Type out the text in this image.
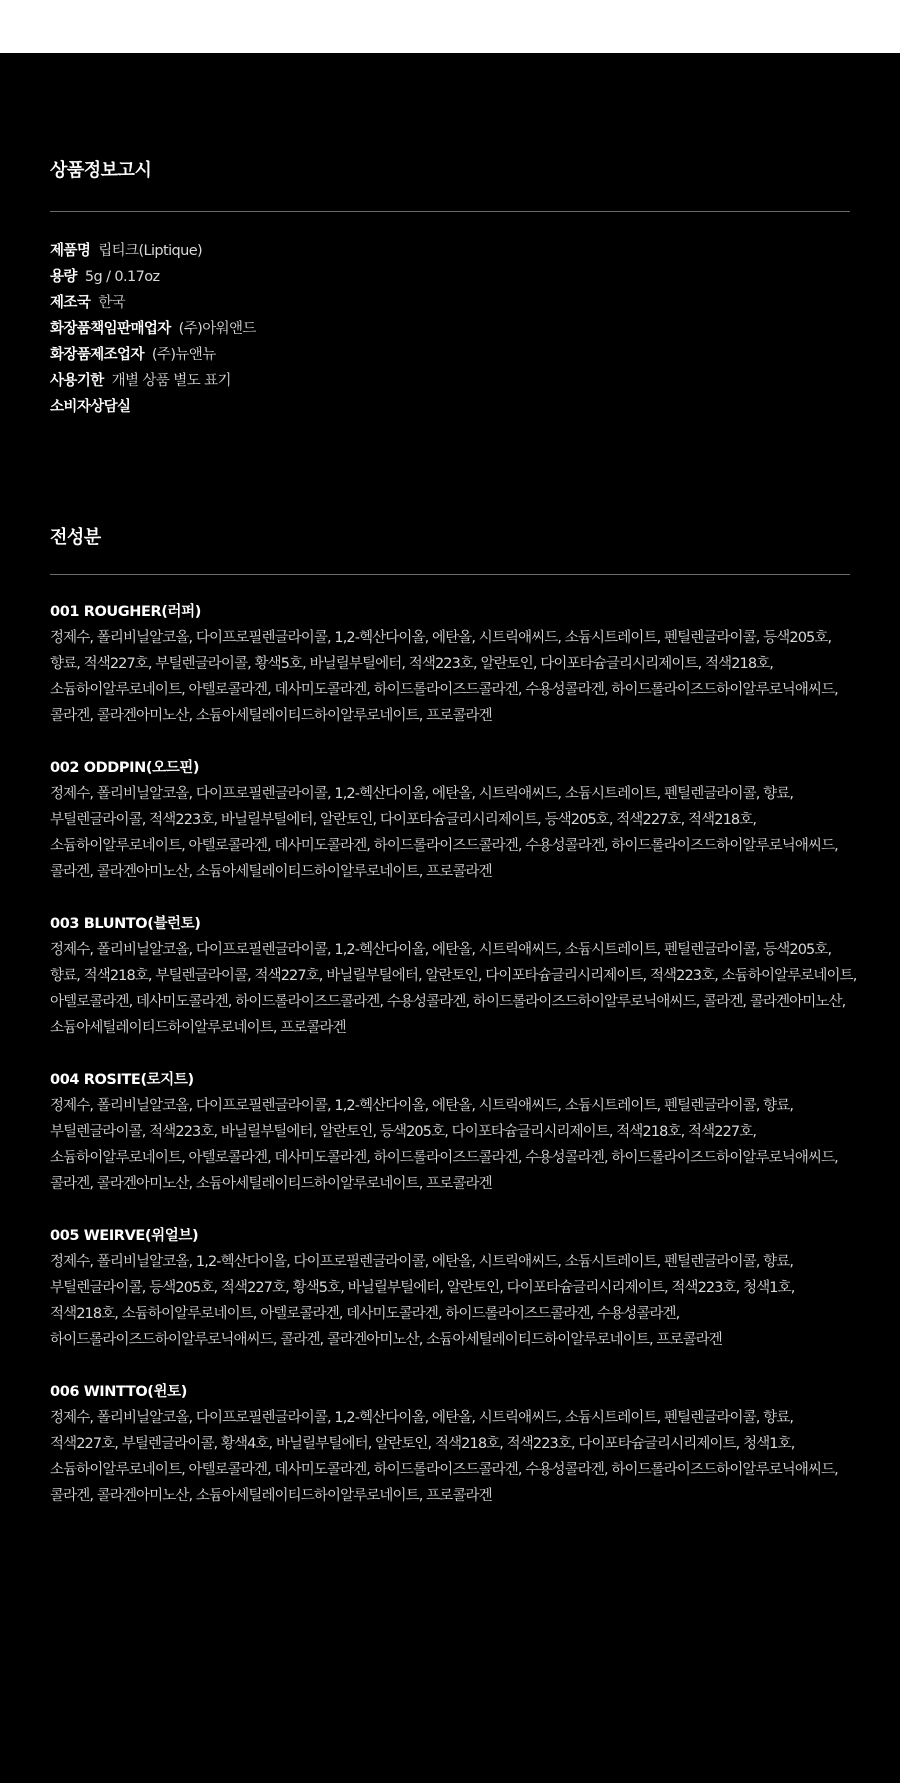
상품정보고시
제품명 립티크(Liptique)
용량 5g / 0.17oz
제조국 한국
화장품책임판매업자 (주)아워앤드
화장품제조업자 (주)뉴앤뉴
사용기한 개별 상품 별도 표기
소비자상담실
전성분
001 ROUGHER(러퍼)
정제수, 폴리비닐알코올, 다이프로필렌글라이콜, 1,2-헥산다이올, 에탄올, 시트릭애씨드, 소듐시트레이트, 펜틸렌글라이콜, 등색205호, 향료, 적색227호, 부틸렌글라이콜, 황색5호, 바닐릴부틸에터, 적색223호, 알란토인, 다이포타슘글리시리제이트, 적색218호, 소듐하이알루로네이트, 아텔로콜라겐, 데사미도콜라겐, 하이드롤라이즈드콜라겐, 수용성콜라겐, 하이드롤라이즈드하이알루로닉애씨드, 콜라겐, 콜라겐아미노산, 소듐아세틸레이티드하이알루로네이트, 프로콜라겐
002 ODDPIN(오드핀)
정제수, 폴리비닐알코올, 다이프로필렌글라이콜, 1,2-헥산다이올, 에탄올, 시트릭애씨드, 소듐시트레이트, 펜틸렌글라이콜, 향료, 부틸렌글라이콜, 적색223호, 바닐릴부틸에터, 알란토인, 다이포타슘글리시리제이트, 등색205호, 적색227호, 적색218호, 소듐하이알루로네이트, 아텔로콜라겐, 데사미도콜라겐, 하이드롤라이즈드콜라겐, 수용성콜라겐, 하이드롤라이즈드하이알루로닉애씨드, 콜라겐, 콜라겐아미노산, 소듐아세틸레이티드하이알루로네이트, 프로콜라겐
003 BLUNTO(블런토)
정제수, 폴리비닐알코올, 다이프로필렌글라이콜, 1,2-헥산다이올, 에탄올, 시트릭애씨드, 소듐시트레이트, 펜틸렌글라이콜, 등색205호, 향료, 적색218호, 부틸렌글라이콜, 적색227호, 바닐릴부틸에터, 알란토인, 다이포타슘글리시리제이트, 적색223호, 소듐하이알루로네이트, 아텔로콜라겐, 데사미도콜라겐, 하이드롤라이즈드콜라겐, 수용성콜라겐, 하이드롤라이즈드하이알루로닉애씨드, 콜라겐, 콜라겐아미노산, 소듐아세틸레이티드하이알루로네이트, 프로콜라겐
004 ROSITE(로지트)
정제수, 폴리비닐알코올, 다이프로필렌글라이콜, 1,2-헥산다이올, 에탄올, 시트릭애씨드, 소듐시트레이트, 펜틸렌글라이콜, 향료, 부틸렌글라이콜, 적색223호, 바닐릴부틸에터, 알란토인, 등색205호, 다이포타슘글리시리제이트, 적색218호, 적색227호, 소듐하이알루로네이트, 아텔로콜라겐, 데사미도콜라겐, 하이드롤라이즈드콜라겐, 수용성콜라겐, 하이드롤라이즈드하이알루로닉애씨드, 콜라겐, 콜라겐아미노산, 소듐아세틸레이티드하이알루로네이트, 프로콜라겐
005 WEIRVE(위얼브)
정제수, 폴리비닐알코올, 1,2-헥산다이올, 다이프로필렌글라이콜, 에탄올, 시트릭애씨드, 소듐시트레이트, 펜틸렌글라이콜, 향료, 부틸렌글라이콜, 등색205호, 적색227호, 황색5호, 바닐릴부틸에터, 알란토인, 다이포타슘글리시리제이트, 적색223호, 청색1호, 적색218호, 소듐하이알루로네이트, 아텔로콜라겐, 데사미도콜라겐, 하이드롤라이즈드콜라겐, 수용성콜라겐, 하이드롤라이즈드하이알루로닉애씨드, 콜라겐, 콜라겐아미노산, 소듐아세틸레이티드하이알루로네이트, 프로콜라겐
006 WINTTO(윈토)
정제수, 폴리비닐알코올, 다이프로필렌글라이콜, 1,2-헥산다이올, 에탄올, 시트릭애씨드, 소듐시트레이트, 펜틸렌글라이콜, 향료, 적색227호, 부틸렌글라이콜, 황색4호, 바닐릴부틸에터, 알란토인, 적색218호, 적색223호, 다이포타슘글리시리제이트, 청색1호, 소듐하이알루로네이트, 아텔로콜라겐, 데사미도콜라겐, 하이드롤라이즈드콜라겐, 수용성콜라겐, 하이드롤라이즈드하이알루로닉애씨드, 콜라겐, 콜라겐아미노산, 소듐아세틸레이티드하이알루로네이트, 프로콜라겐
